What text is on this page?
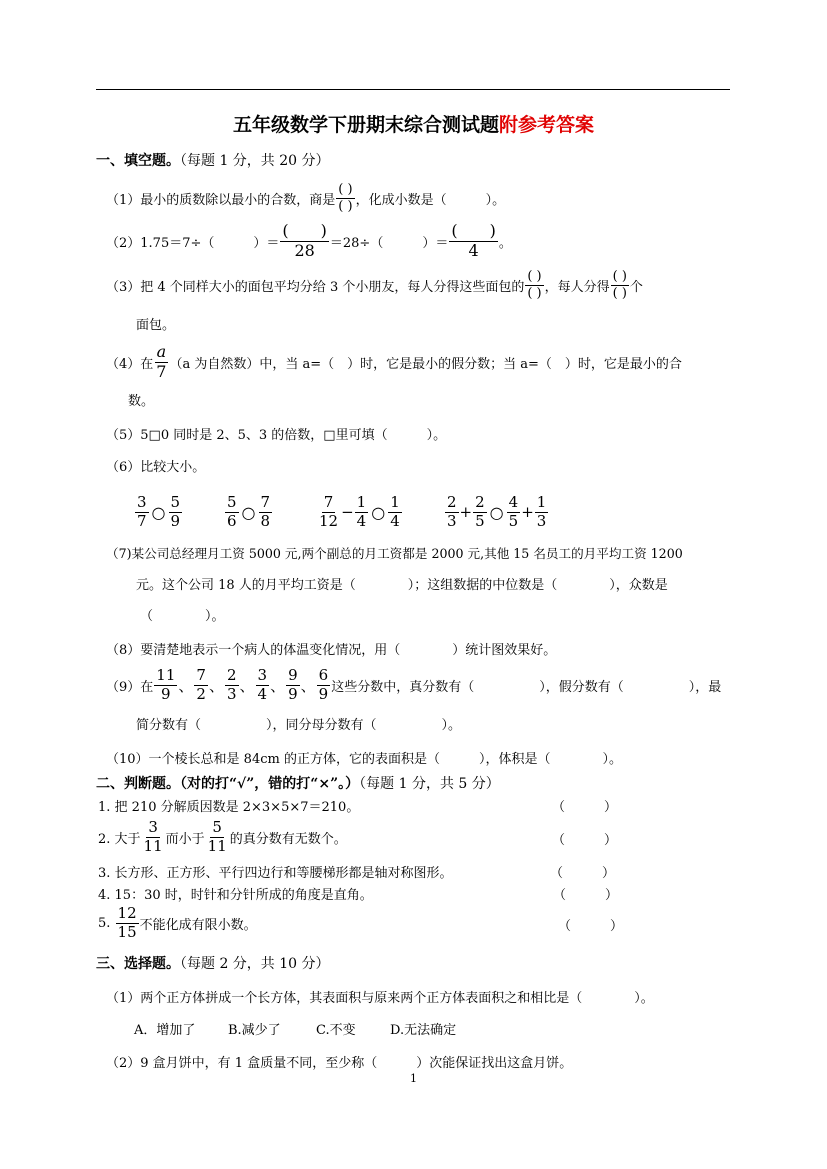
五年级数学下册期末综合测试题附参考答案
一、填空题。（每题 1 分，共 20 分）
（1）最小的质数除以最小的合数，商是 $\frac{( )}{( )}$ ，化成小数是（　　　）。
（2）1.75＝7÷（　　　）＝ $\frac{( )}{28} =28\div$（　　　）＝ $\frac{( )}{4}$ 。
（3）把 4 个同样大小的面包平均分给 3 个小朋友，每人分得这些面包的 $\frac{( )}{( )}$ ，每人分得 $\frac{( )}{( )}$ 个
面包。
（4）在 $\frac{a}{7} (a$ 为自然数）中，当 a=（　）时，它是最小的假分数；当 a=（　）时，它是最小的合
数。
（5）5□0 同时是 2、5、3 的倍数，□里可填（　　　）。
（6）比较大小。
$\frac{3}{7}$ ○ $\frac{5}{9}$	$\frac{5}{6}$ ○ $\frac{7}{8}$	$\frac{7}{12} - \frac{1}{4}$ ○ $\frac{1}{4}$	$\frac{2}{3} + \frac{2}{5}$ ○ $\frac{4}{5} + \frac{1}{3}$
（7)某公司总经理月工资 5000 元,两个副总的月工资都是 2000 元,其他 15 名员工的月平均工资 1200
元。这个公司 18 人的月平均工资是（　　　　）；这组数据的中位数是（　　　　），众数是
（　　　　）。
（8）要清楚地表示一个病人的体温变化情况，用（　　　　）统计图效果好。
（9）在 $\frac{11}{9}$ 、 $\frac{7}{2}$ 、 $\frac{2}{3}$ 、 $\frac{3}{4}$ 、 $\frac{9}{9}$ 、 $\frac{6}{9}$ 这些分数中，真分数有（　　　　　），假分数有（　　　　　），最
简分数有（　　　　　），同分母分数有（　　　　　）。
（10）一个棱长总和是 84cm 的正方体，它的表面积是（　　　），体积是（　　　　）。
二、判断题。（对的打“√”，错的打“×”。）（每题 1 分，共 5 分）
1. 把 210 分解质因数是 2×3×5×7＝210。	（　　　）
2. 大于 $\frac{3}{11}$ 而小于 $\frac{5}{11}$ 的真分数有无数个。	（　　　）
3. 长方形、正方形、平行四边行和等腰梯形都是轴对称图形。	（　　　）
4. 15：30 时，时针和分针所成的角度是直角。	（　　　）
5.
$\frac{12}{15}$ 不能化成有限小数。	（　　　）
三、选择题。（每题 2 分，共 10 分）
（1）两个正方体拼成一个长方体，其表面积与原来两个正方体表面积之和相比是（　　　　）。
A．增加了	B.减少了	C.不变	D.无法确定
（2）9 盒月饼中，有 1 盒质量不同，至少称（　　　）次能保证找出这盒月饼。
1
